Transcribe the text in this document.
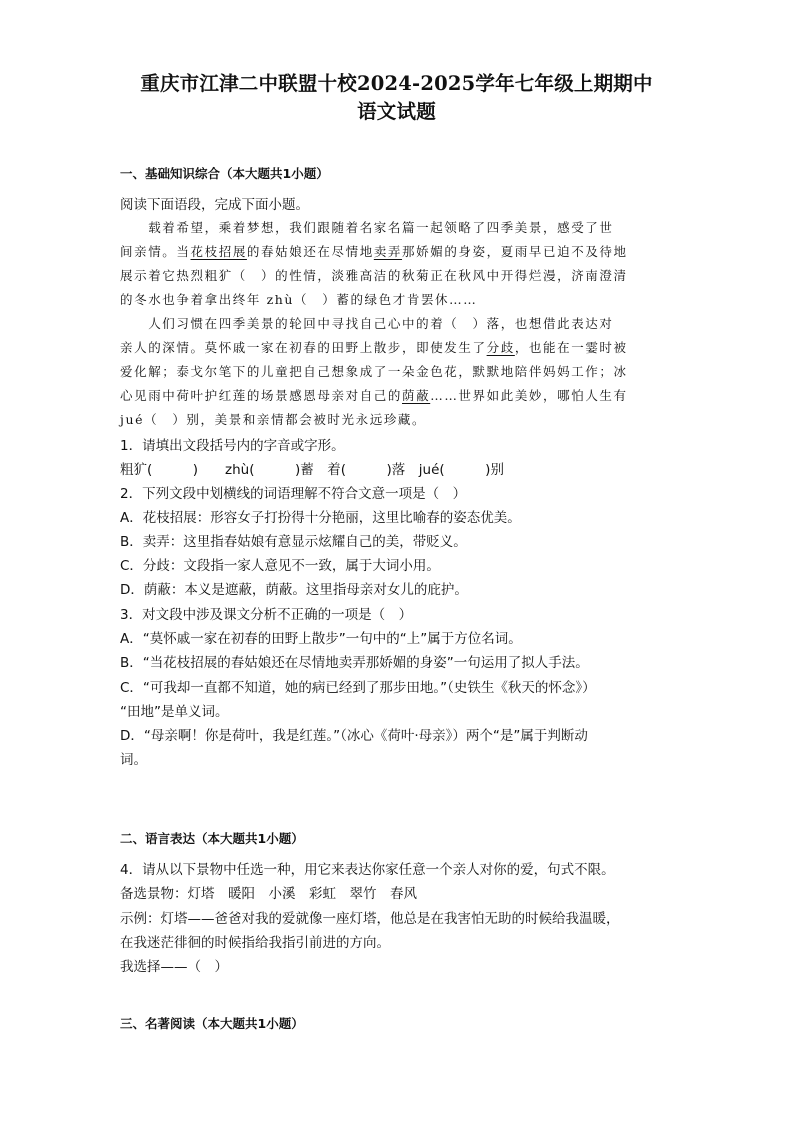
重庆市江津二中联盟十校2024-2025学年七年级上期期中
语文试题
一、基础知识综合（本大题共1小题）
阅读下面语段，完成下面小题。
　　载着希望，乘着梦想，我们跟随着名家名篇一起领略了四季美景，感受了世
间亲情。当花枝招展的春姑娘还在尽情地卖弄那娇媚的身姿，夏雨早已迫不及待地
展示着它热烈粗犷（　）的性情，淡雅高洁的秋菊正在秋风中开得烂漫，济南澄清
的冬水也争着拿出终年 zhù（　）蓄的绿色才肯罢休……
　　人们习惯在四季美景的轮回中寻找自己心中的着（　）落，也想借此表达对
亲人的深情。莫怀戚一家在初春的田野上散步，即使发生了分歧，也能在一霎时被
爱化解；泰戈尔笔下的儿童把自己想象成了一朵金色花，默默地陪伴妈妈工作；冰
心见雨中荷叶护红莲的场景感恩母亲对自己的荫蔽……世界如此美妙，哪怕人生有
jué（　）别，美景和亲情都会被时光永远珍藏。
1．请填出文段括号内的字音或字形。
粗犷(　　　)　　zhù(　　　)蓄　着(　　　)落　jué(　　　)别
2．下列文段中划横线的词语理解不符合文意一项是（　）
A．花枝招展：形容女子打扮得十分艳丽，这里比喻春的姿态优美。
B．卖弄：这里指春姑娘有意显示炫耀自己的美，带贬义。
C．分歧：文段指一家人意见不一致，属于大词小用。
D．荫蔽：本义是遮蔽，荫蔽。这里指母亲对女儿的庇护。
3．对文段中涉及课文分析不正确的一项是（　）
A．“莫怀戚一家在初春的田野上散步”一句中的“上”属于方位名词。
B．“当花枝招展的春姑娘还在尽情地卖弄那娇媚的身姿”一句运用了拟人手法。
C．“可我却一直都不知道，她的病已经到了那步田地。”（史铁生《秋天的怀念》）
“田地”是单义词。
D．“母亲啊！你是荷叶，我是红莲。”（冰心《荷叶·母亲》）两个“是”属于判断动
词。
二、语言表达（本大题共1小题）
4．请从以下景物中任选一种，用它来表达你家任意一个亲人对你的爱，句式不限。
备选景物：灯塔　暖阳　小溪　彩虹　翠竹　春风
示例：灯塔——爸爸对我的爱就像一座灯塔，他总是在我害怕无助的时候给我温暖，
在我迷茫徘徊的时候指给我指引前进的方向。
我选择——（　）
三、名著阅读（本大题共1小题）
